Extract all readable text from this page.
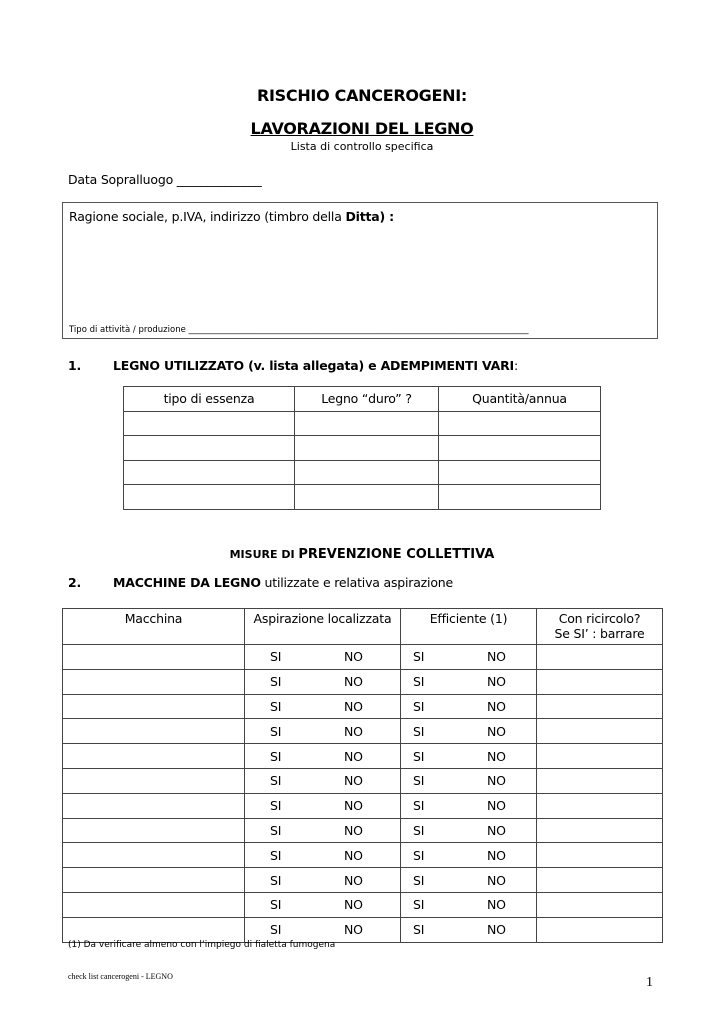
RISCHIO CANCEROGENI:
LAVORAZIONI DEL LEGNO
Lista di controllo specifica
Data Sopralluogo ______________
Ragione sociale, p.IVA, indirizzo (timbro della Ditta) :
Tipo di attività / produzione ________________________________________________________________________________
1.	LEGNO UTILIZZATO (v. lista allegata) e ADEMPIMENTI VARI:
tipo di essenza	Legno “duro” ?	Quantità/annua

MISURE DI PREVENZIONE COLLETTIVA
2.	MACCHINE DA LEGNO utilizzate e relativa aspirazione
Macchina	Aspirazione localizzata	Efficiente (1)	Con ricircolo?
Se SI’ : barrare

	SI NO	SI NO	

	SI NO	SI NO	

	SI NO	SI NO	

	SI NO	SI NO	

	SI NO	SI NO	

	SI NO	SI NO	

	SI NO	SI NO	

	SI NO	SI NO	

	SI NO	SI NO	

	SI NO	SI NO	

	SI NO	SI NO	

	SI NO	SI NO	

(1) Da verificare almeno con l’impiego di fialetta fumogena
check list cancerogeni - LEGNO	1
